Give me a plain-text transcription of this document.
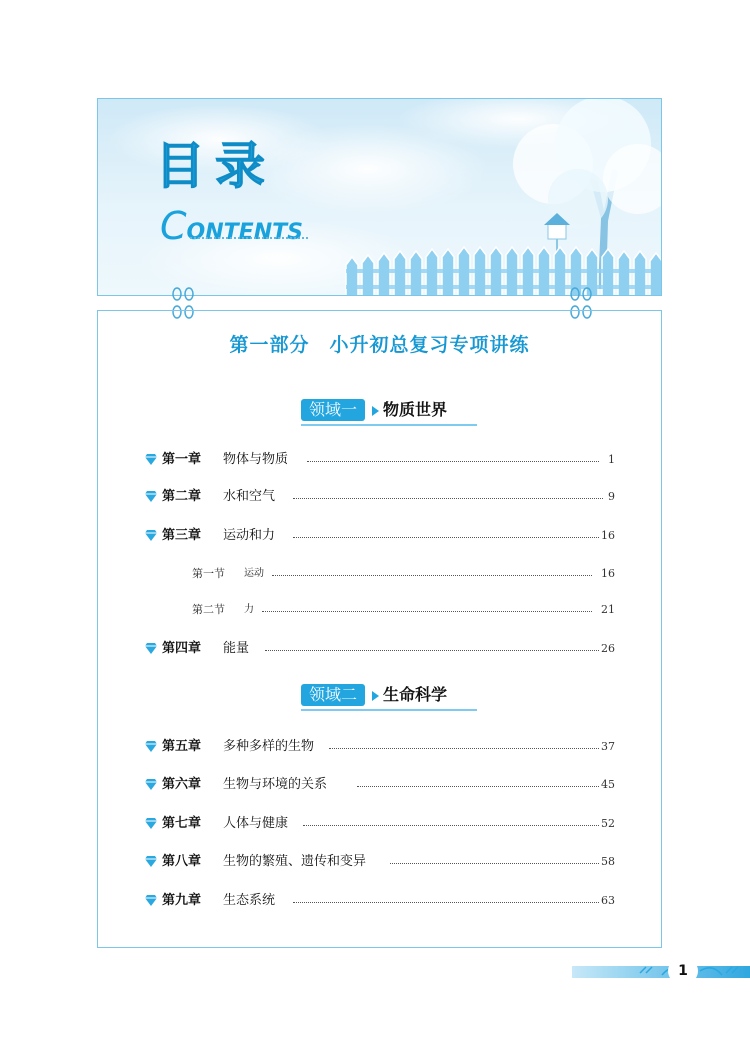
目录
CONTENTS
第一部分　小升初总复习专项讲练
领域一	物质世界
第一章 物体与物质	1
第二章 水和空气	9
第三章 运动和力	16
第一节 运动	16
第二节 力	21
第四章 能量	26
领域二	生命科学
第五章 多种多样的生物	37
第六章 生物与环境的关系	45
第七章 人体与健康	52
第八章 生物的繁殖、遗传和变异	58
第九章 生态系统	63
1
